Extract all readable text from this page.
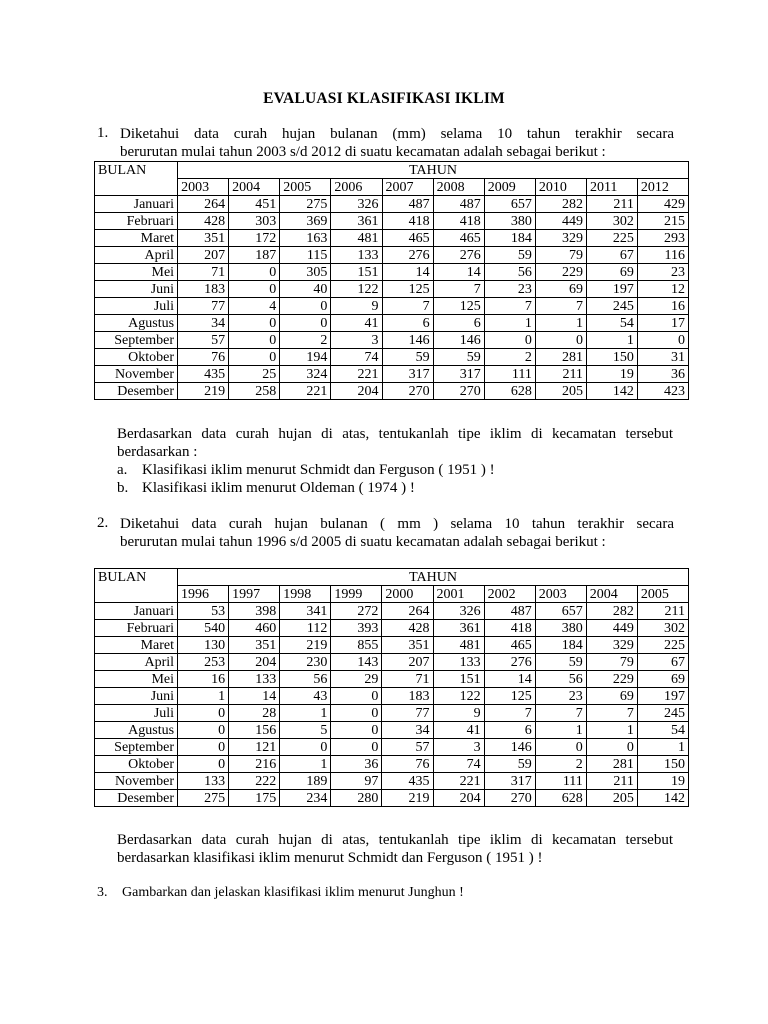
EVALUASI KLASIFIKASI IKLIM
1. Diketahui data curah hujan bulanan (mm) selama 10 tahun terakhir secara
berurutan mulai tahun 2003 s/d 2012 di suatu kecamatan adalah sebagai berikut :
BULAN	TAHUN									
	2003	2004	2005	2006	2007	2008	2009	2010	2011	2012
Januari	264	451	275	326	487	487	657	282	211	429
Februari	428	303	369	361	418	418	380	449	302	215
Maret	351	172	163	481	465	465	184	329	225	293
April	207	187	115	133	276	276	59	79	67	116
Mei	71	0	305	151	14	14	56	229	69	23
Juni	183	0	40	122	125	7	23	69	197	12
Juli	77	4	0	9	7	125	7	7	245	16
Agustus	34	0	0	41	6	6	1	1	54	17
September	57	0	2	3	146	146	0	0	1	0
Oktober	76	0	194	74	59	59	2	281	150	31
November	435	25	324	221	317	317	111	211	19	36
Desember	219	258	221	204	270	270	628	205	142	423
Berdasarkan data curah hujan di atas, tentukanlah tipe iklim di kecamatan tersebut
berdasarkan :
a. Klasifikasi iklim menurut Schmidt dan Ferguson ( 1951 ) !
b. Klasifikasi iklim menurut Oldeman ( 1974 ) !
2. Diketahui data curah hujan bulanan ( mm ) selama 10 tahun terakhir secara
berurutan mulai tahun 1996 s/d 2005 di suatu kecamatan adalah sebagai berikut :
BULAN	TAHUN									
	1996	1997	1998	1999	2000	2001	2002	2003	2004	2005
Januari	53	398	341	272	264	326	487	657	282	211
Februari	540	460	112	393	428	361	418	380	449	302
Maret	130	351	219	855	351	481	465	184	329	225
April	253	204	230	143	207	133	276	59	79	67
Mei	16	133	56	29	71	151	14	56	229	69
Juni	1	14	43	0	183	122	125	23	69	197
Juli	0	28	1	0	77	9	7	7	7	245
Agustus	0	156	5	0	34	41	6	1	1	54
September	0	121	0	0	57	3	146	0	0	1
Oktober	0	216	1	36	76	74	59	2	281	150
November	133	222	189	97	435	221	317	111	211	19
Desember	275	175	234	280	219	204	270	628	205	142
Berdasarkan data curah hujan di atas, tentukanlah tipe iklim di kecamatan tersebut
berdasarkan klasifikasi iklim menurut Schmidt dan Ferguson ( 1951 ) !
3. Gambarkan dan jelaskan klasifikasi iklim menurut Junghun !
